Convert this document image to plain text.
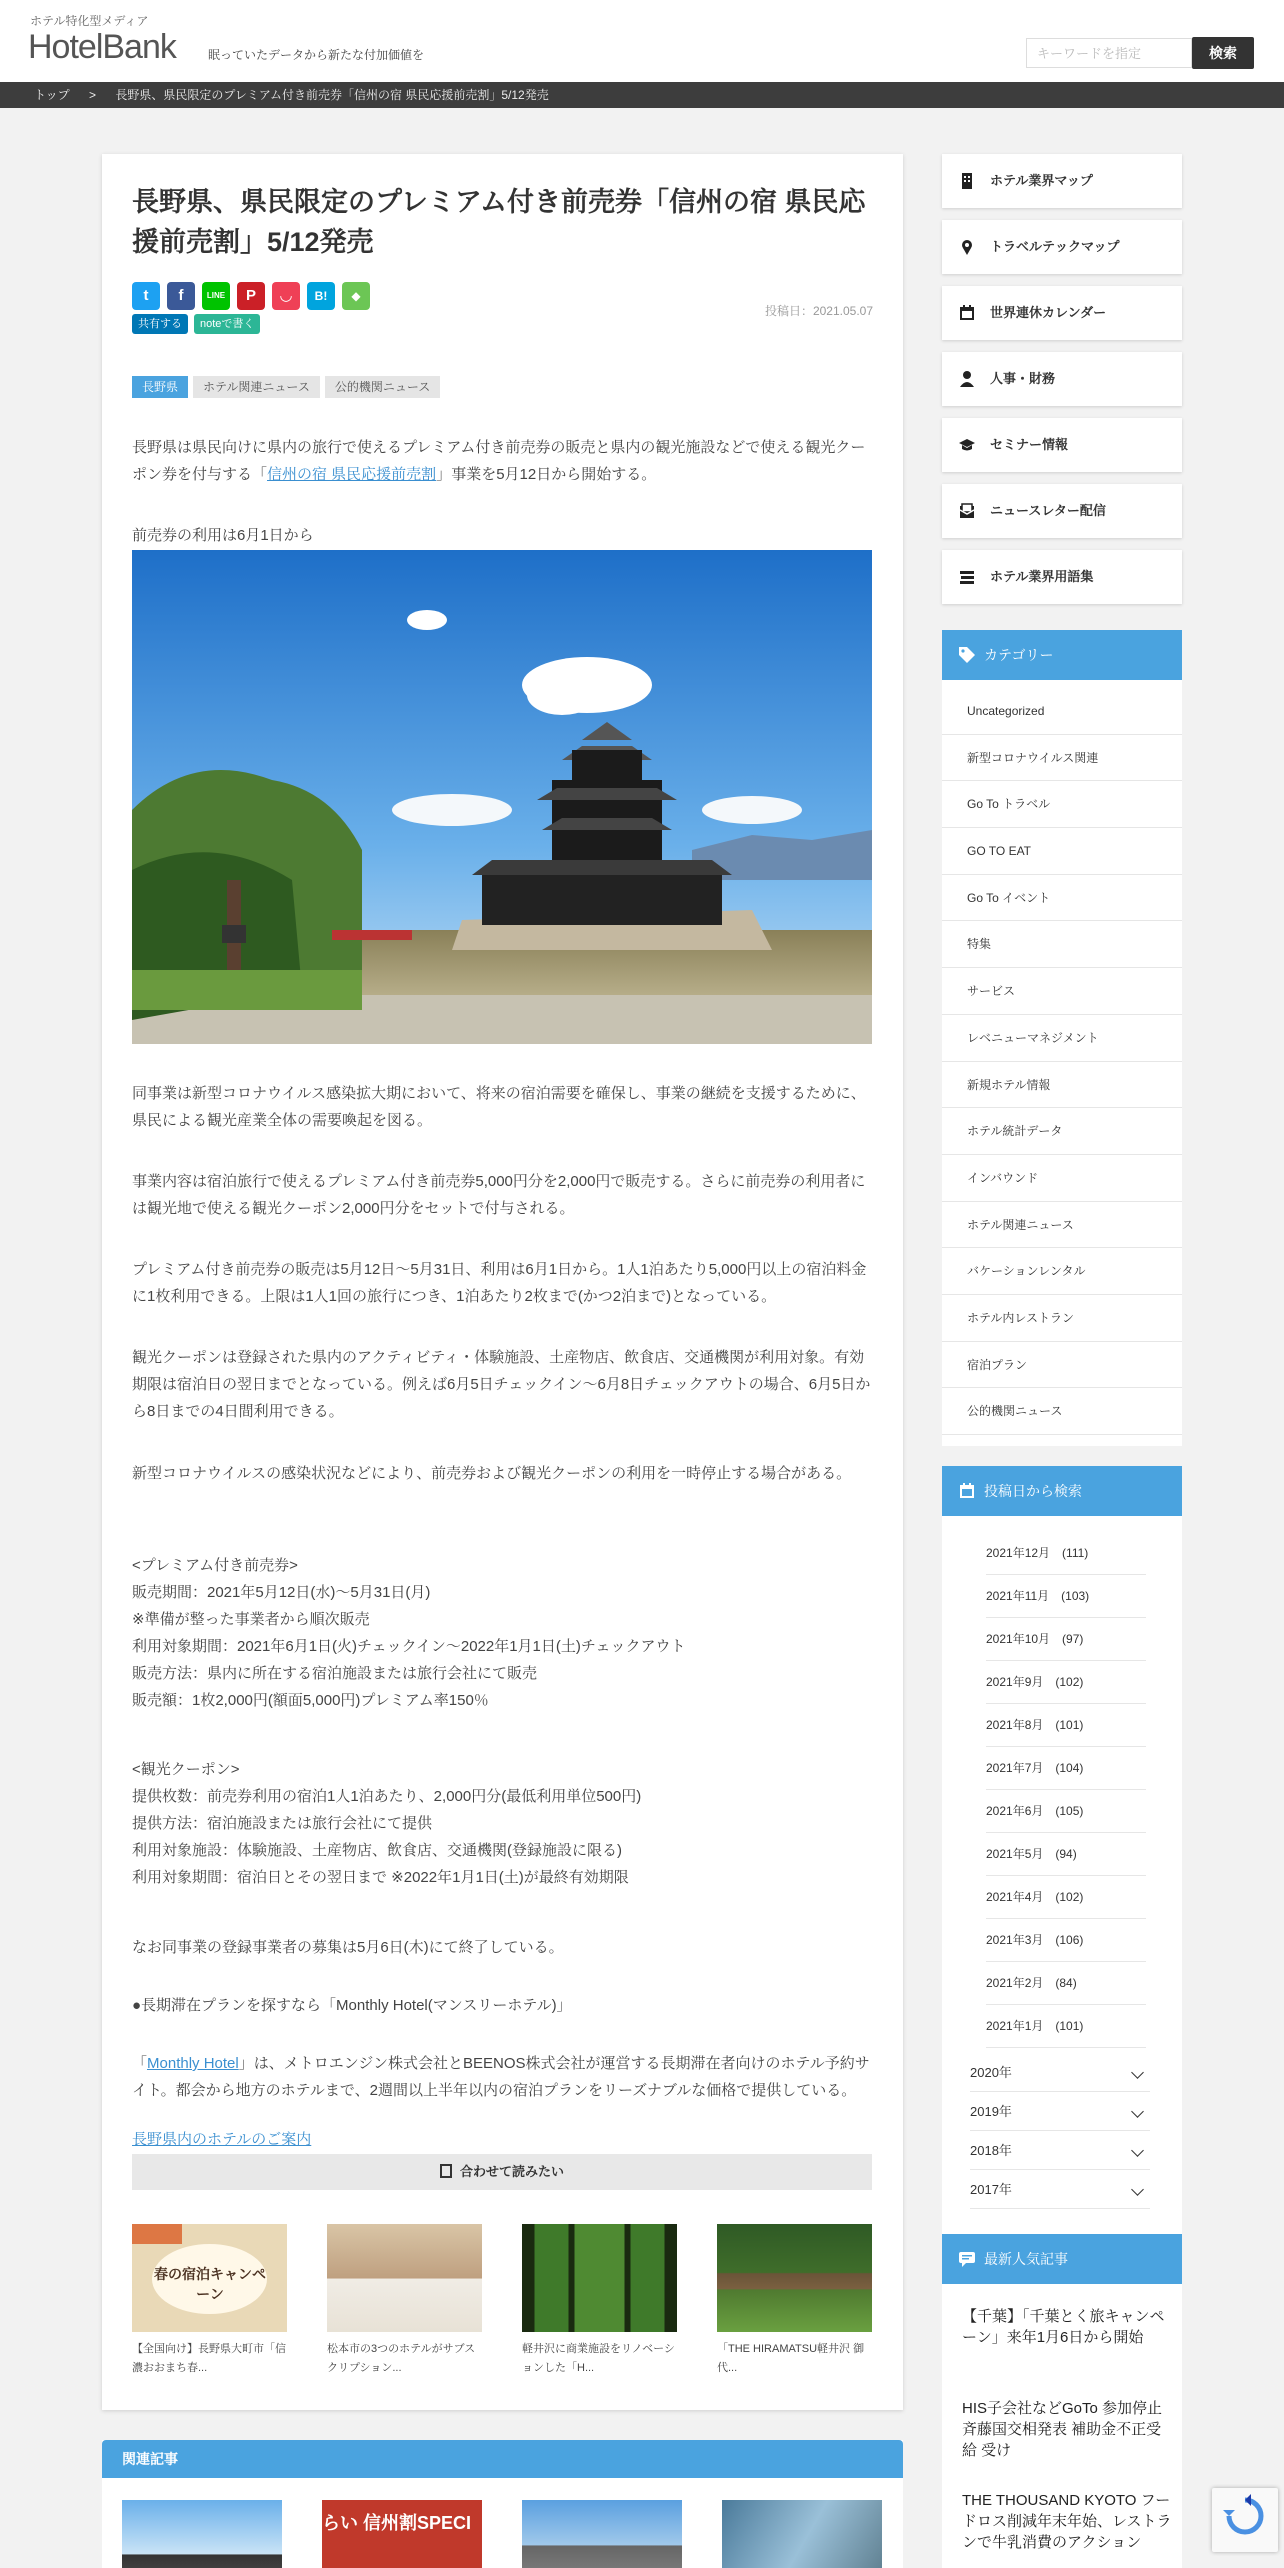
ホテル特化型メディア
HotelBank	眠っていたデータから新たな付加価値を
キーワードを指定	検索
トップ > 長野県、県民限定のプレミアム付き前売券「信州の宿 県民応援前売割」5/12発売
長野県、県民限定のプレミアム付き前売券「信州の宿 県民応援前売割」5/12発売
t f	LINE P ◡ B! ◆
共有する noteで書く
投稿日：2021.05.07
長野県 ホテル関連ニュース 公的機関ニュース

長野県は県民向けに県内の旅行で使えるプレミアム付き前売券の販売と県内の観光施設などで使える観光クーポン券を付与する「信州の宿 県民応援前売割」事業を5月12日から開始する。

前売券の利用は6月1日から

同事業は新型コロナウイルス感染拡大期において、将来の宿泊需要を確保し、事業の継続を支援するために、県民による観光産業全体の需要喚起を図る。

事業内容は宿泊旅行で使えるプレミアム付き前売券5,000円分を2,000円で販売する。さらに前売券の利用者には観光地で使える観光クーポン2,000円分をセットで付与される。

プレミアム付き前売券の販売は5月12日～5月31日、利用は6月1日から。1人1泊あたり5,000円以上の宿泊料金に1枚利用できる。上限は1人1回の旅行につき、1泊あたり2枚まで(かつ2泊まで)となっている。

観光クーポンは登録された県内のアクティビティ・体験施設、土産物店、飲食店、交通機関が利用対象。有効期限は宿泊日の翌日までとなっている。例えば6月5日チェックイン～6月8日チェックアウトの場合、6月5日から8日までの4日間利用できる。

新型コロナウイルスの感染状況などにより、前売券および観光クーポンの利用を一時停止する場合がある。

<プレミアム付き前売券>
販売期間：2021年5月12日(水)～5月31日(月)
※準備が整った事業者から順次販売
利用対象期間：2021年6月1日(火)チェックイン～2022年1月1日(土)チェックアウト
販売方法：県内に所在する宿泊施設または旅行会社にて販売
販売額：1枚2,000円(額面5,000円)プレミアム率150％
<観光クーポン>
提供枚数：前売券利用の宿泊1人1泊あたり、2,000円分(最低利用単位500円)
提供方法：宿泊施設または旅行会社にて提供
利用対象施設：体験施設、土産物店、飲食店、交通機関(登録施設に限る)
利用対象期間：宿泊日とその翌日まで ※2022年1月1日(土)が最終有効期限

なお同事業の登録事業者の募集は5月6日(木)にて終了している。

●長期滞在プランを探すなら「Monthly Hotel(マンスリーホテル)」

「Monthly Hotel」は、メトロエンジン株式会社とBEENOS株式会社が運営する長期滞在者向けのホテル予約サイト。都会から地方のホテルまで、2週間以上半年以内の宿泊プランをリーズナブルな価格で提供している。

長野県内のホテルのご案内

合わせて読みたい
春の宿泊キャンペーン
【全国向け】長野県大町市「信濃おおまち春...
松本市の3つのホテルがサブスクリプション...
軽井沢に商業施設をリノベーションした「H...
「THE HIRAMATSU軽井沢 御代...
関連記事
らい 信州割SPECI
ホテル業界マップ
トラベルテックマップ
世界連休カレンダー
人事・財務
セミナー情報
ニュースレター配信
ホテル業界用語集
カテゴリー
Uncategorized
新型コロナウイルス関連
Go To トラベル
GO TO EAT
Go To イベント
特集
サービス
レベニューマネジメント
新規ホテル情報
ホテル統計データ
インバウンド
ホテル関連ニュース
バケーションレンタル
ホテル内レストラン
宿泊プラン
公的機関ニュース
投稿日から検索
2021年12月　(111)
2021年11月　(103)
2021年10月　(97)
2021年9月　(102)
2021年8月　(101)
2021年7月　(104)
2021年6月　(105)
2021年5月　(94)
2021年4月　(102)
2021年3月　(106)
2021年2月　(84)
2021年1月　(101)
2020年
2019年
2018年
2017年
最新人気記事
【千葉】「千葉とく旅キャンペーン」来年1月6日から開始
HIS子会社などGoTo 参加停止 斉藤国交相発表 補助金不正受給 受け
THE THOUSAND KYOTO フードロス削減年末年始、レストランで牛乳消費のアクション
